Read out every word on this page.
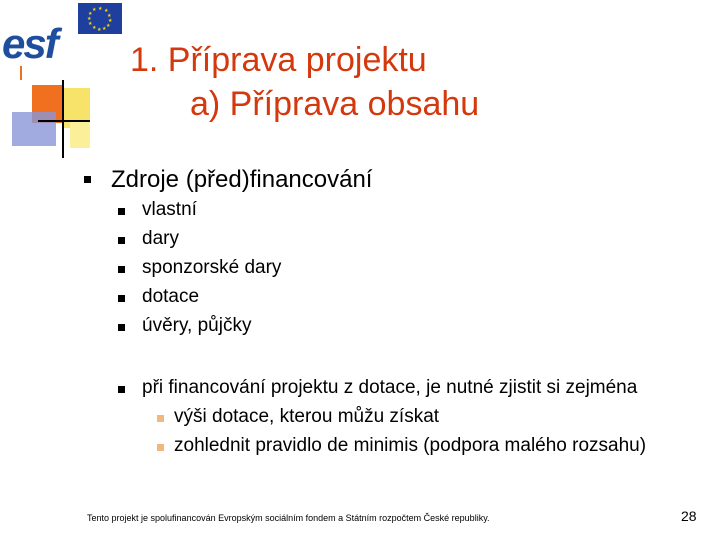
esf
★ ★
★
★
★
★
★
★
★
★
★
★
1. Příprava projektu
a) Příprava obsahu
Zdroje (před)financování
vlastní
dary
sponzorské dary
dotace
úvěry, půjčky
při financování projektu z dotace, je nutné zjistit si zejména
výši dotace, kterou můžu získat
zohlednit pravidlo de minimis (podpora malého rozsahu)
Tento projekt je spolufinancován Evropským sociálním fondem a Státním rozpočtem České republiky.	28
